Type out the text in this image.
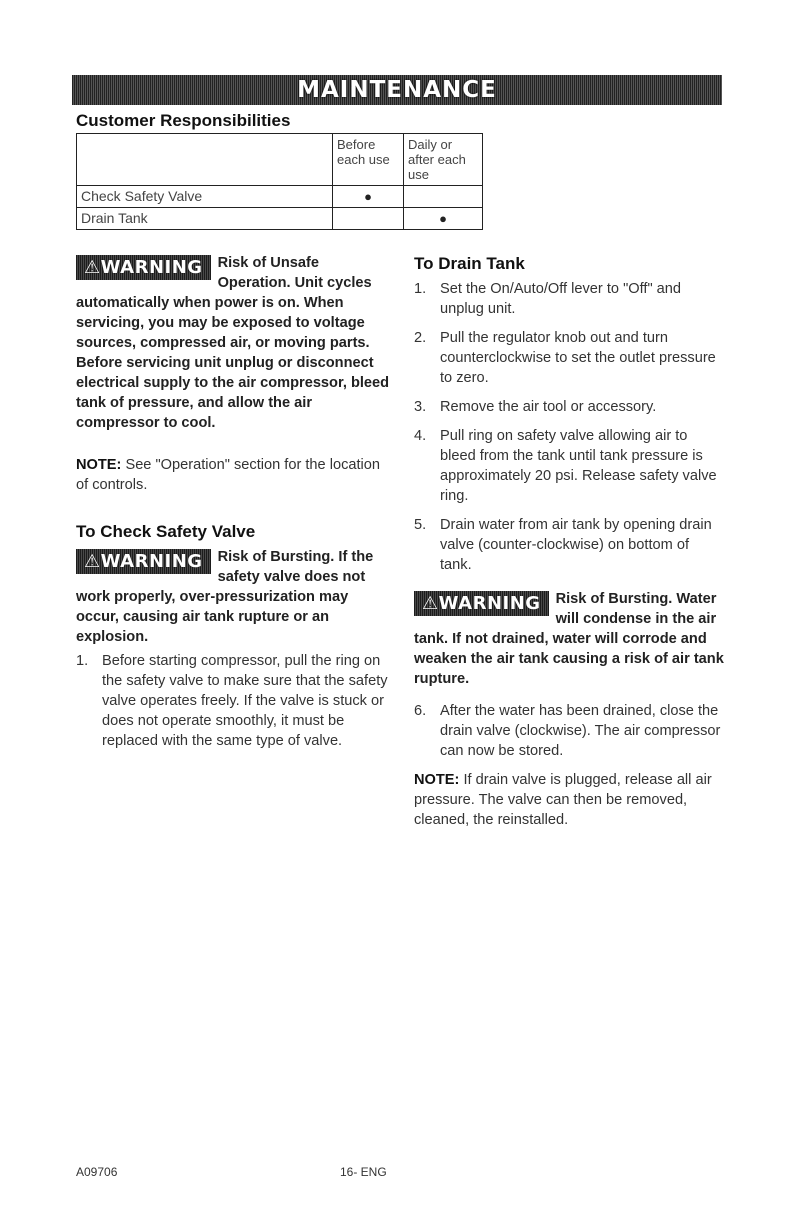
MAINTENANCE
Customer Responsibilities
	Before each use	Daily or after each use
Check Safety Valve	●	
Drain Tank		●
⚠WARNING	Risk of Unsafe Operation. Unit cycles automatically when power is on. When servicing, you may be exposed to voltage sources, compressed air, or moving parts. Before servicing unit unplug or disconnect electrical supply to the air compressor, bleed tank of pressure, and allow the air compressor to cool.

NOTE: See "Operation" section for the location of controls.

To Check Safety Valve
⚠WARNING	Risk of Bursting. If the safety valve does not work properly, over-pressurization may occur, causing air tank rupture or an explosion.

1. Before starting compressor, pull the ring on the safety valve to make sure that the safety valve operates freely. If the valve is stuck or does not operate smoothly, it must be replaced with the same type of valve.
To Drain Tank
1. Set the On/Auto/Off lever to "Off" and unplug unit.
2. Pull the regulator knob out and turn counterclockwise to set the outlet pressure to zero.
3. Remove the air tool or accessory.
4. Pull ring on safety valve allowing air to bleed from the tank until tank pressure is approximately 20 psi. Release safety valve ring.
5. Drain water from air tank by opening drain valve (counter-clockwise) on bottom of tank.
⚠WARNING	Risk of Bursting. Water will condense in the air tank. If not drained, water will corrode and weaken the air tank causing a risk of air tank rupture.

6. After the water has been drained, close the drain valve (clockwise). The air compressor can now be stored.

NOTE: If drain valve is plugged, release all air pressure. The valve can then be removed, cleaned, the reinstalled.

A09706	16- ENG
